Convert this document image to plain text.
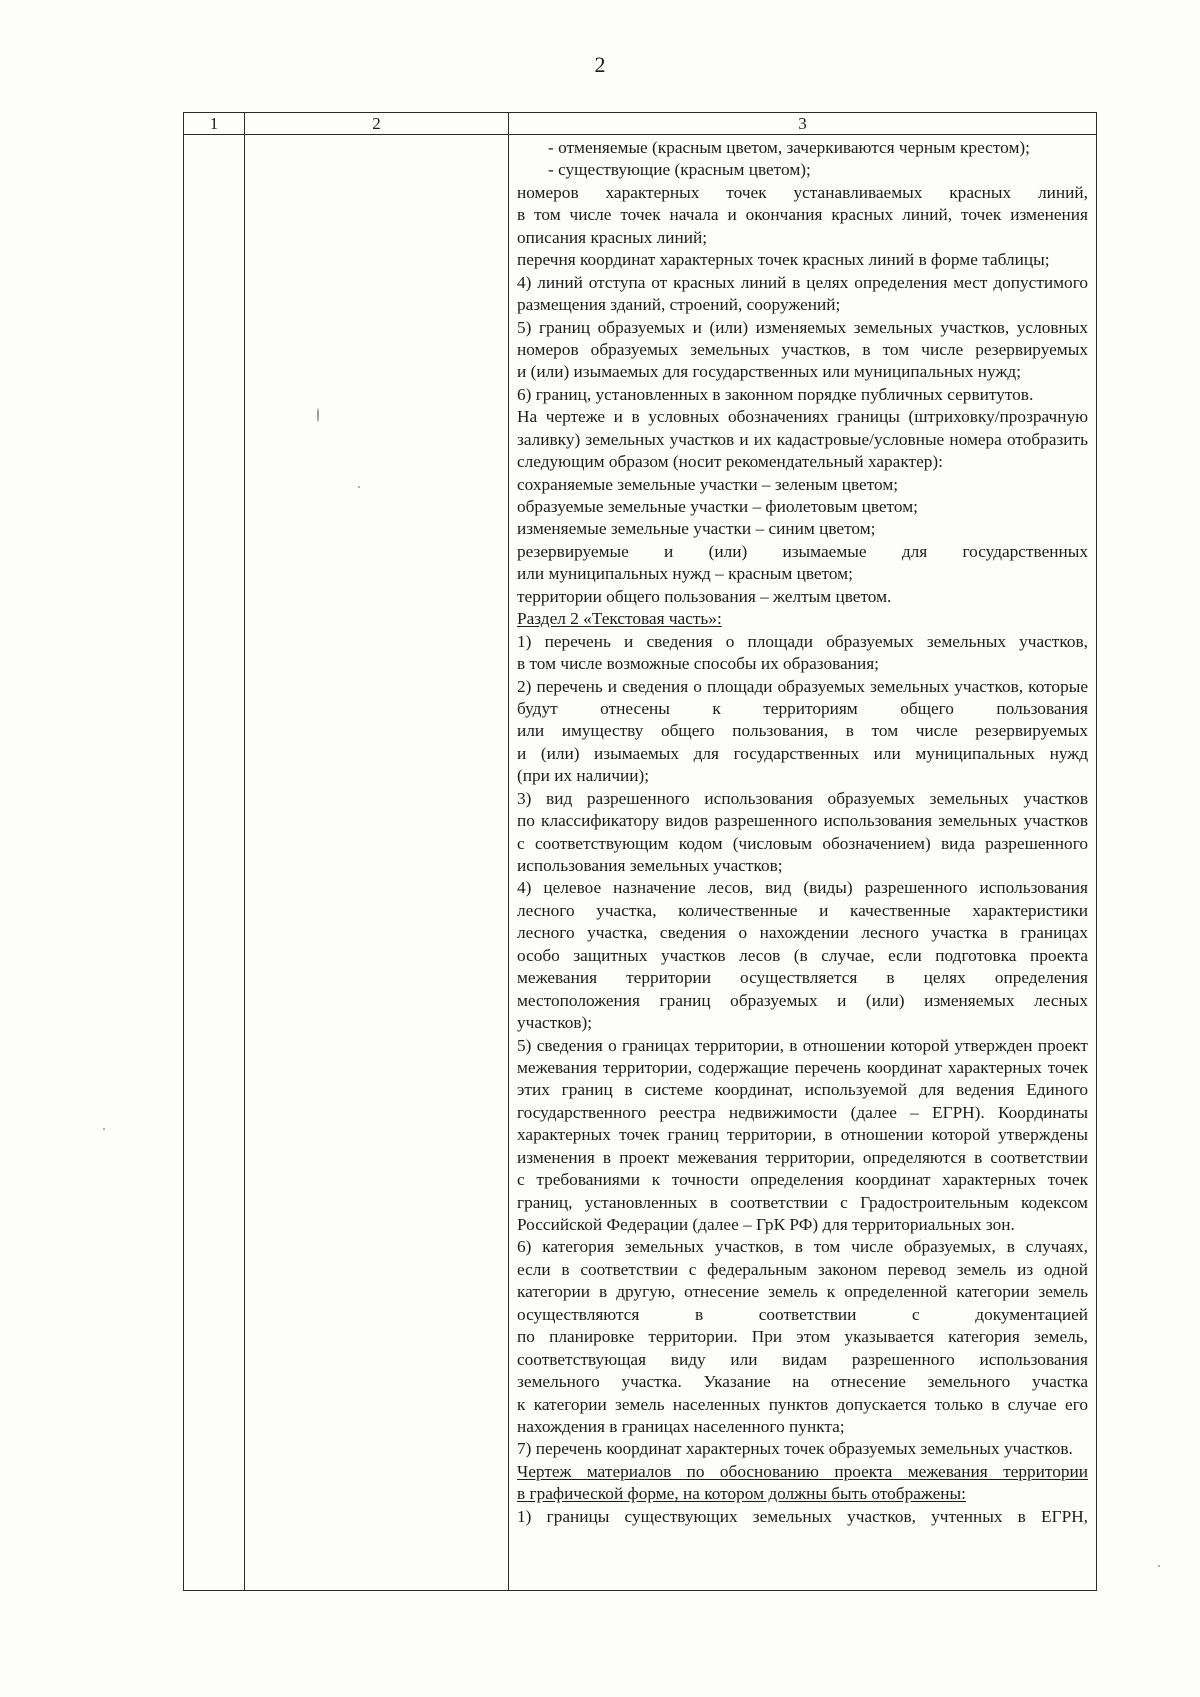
2
1	2	3
- отменяемые (красным цветом, зачеркиваются черным крестом);
- существующие (красным цветом);
номеров характерных точек устанавливаемых красных линий,
в том числе точек начала и окончания красных линий, точек изменения
описания красных линий;
перечня координат характерных точек красных линий в форме таблицы;
4) линий отступа от красных линий в целях определения мест допустимого
размещения зданий, строений, сооружений;
5) границ образуемых и (или) изменяемых земельных участков, условных
номеров образуемых земельных участков, в том числе резервируемых
и (или) изымаемых для государственных или муниципальных нужд;
6) границ, установленных в законном порядке публичных сервитутов.
На чертеже и в условных обозначениях границы (штриховку/прозрачную
заливку) земельных участков и их кадастровые/условные номера отобразить
следующим образом (носит рекомендательный характер):
сохраняемые земельные участки – зеленым цветом;
образуемые земельные участки – фиолетовым цветом;
изменяемые земельные участки – синим цветом;
резервируемые и (или) изымаемые для государственных
или муниципальных нужд – красным цветом;
территории общего пользования – желтым цветом.
Раздел 2 «Текстовая часть»:
1) перечень и сведения о площади образуемых земельных участков,
в том числе возможные способы их образования;
2) перечень и сведения о площади образуемых земельных участков, которые
будут отнесены к территориям общего пользования
или имуществу общего пользования, в том числе резервируемых
и (или) изымаемых для государственных или муниципальных нужд
(при их наличии);
3) вид разрешенного использования образуемых земельных участков
по классификатору видов разрешенного использования земельных участков
с соответствующим кодом (числовым обозначением) вида разрешенного
использования земельных участков;
4) целевое назначение лесов, вид (виды) разрешенного использования
лесного участка, количественные и качественные характеристики
лесного участка, сведения о нахождении лесного участка в границах
особо защитных участков лесов (в случае, если подготовка проекта
межевания территории осуществляется в целях определения
местоположения границ образуемых и (или) изменяемых лесных
участков);
5) сведения о границах территории, в отношении которой утвержден проект
межевания территории, содержащие перечень координат характерных точек
этих границ в системе координат, используемой для ведения Единого
государственного реестра недвижимости (далее – ЕГРН). Координаты
характерных точек границ территории, в отношении которой утверждены
изменения в проект межевания территории, определяются в соответствии
с требованиями к точности определения координат характерных точек
границ, установленных в соответствии с Градостроительным кодексом
Российской Федерации (далее – ГрК РФ) для территориальных зон.
6) категория земельных участков, в том числе образуемых, в случаях,
если в соответствии с федеральным законом перевод земель из одной
категории в другую, отнесение земель к определенной категории земель
осуществляются в соответствии с документацией
по планировке территории. При этом указывается категория земель,
соответствующая виду или видам разрешенного использования
земельного участка. Указание на отнесение земельного участка
к категории земель населенных пунктов допускается только в случае его
нахождения в границах населенного пункта;
7) перечень координат характерных точек образуемых земельных участков.
Чертеж материалов по обоснованию проекта межевания территории
в графической форме, на котором должны быть отображены:
1) границы существующих земельных участков, учтенных в ЕГРН,
